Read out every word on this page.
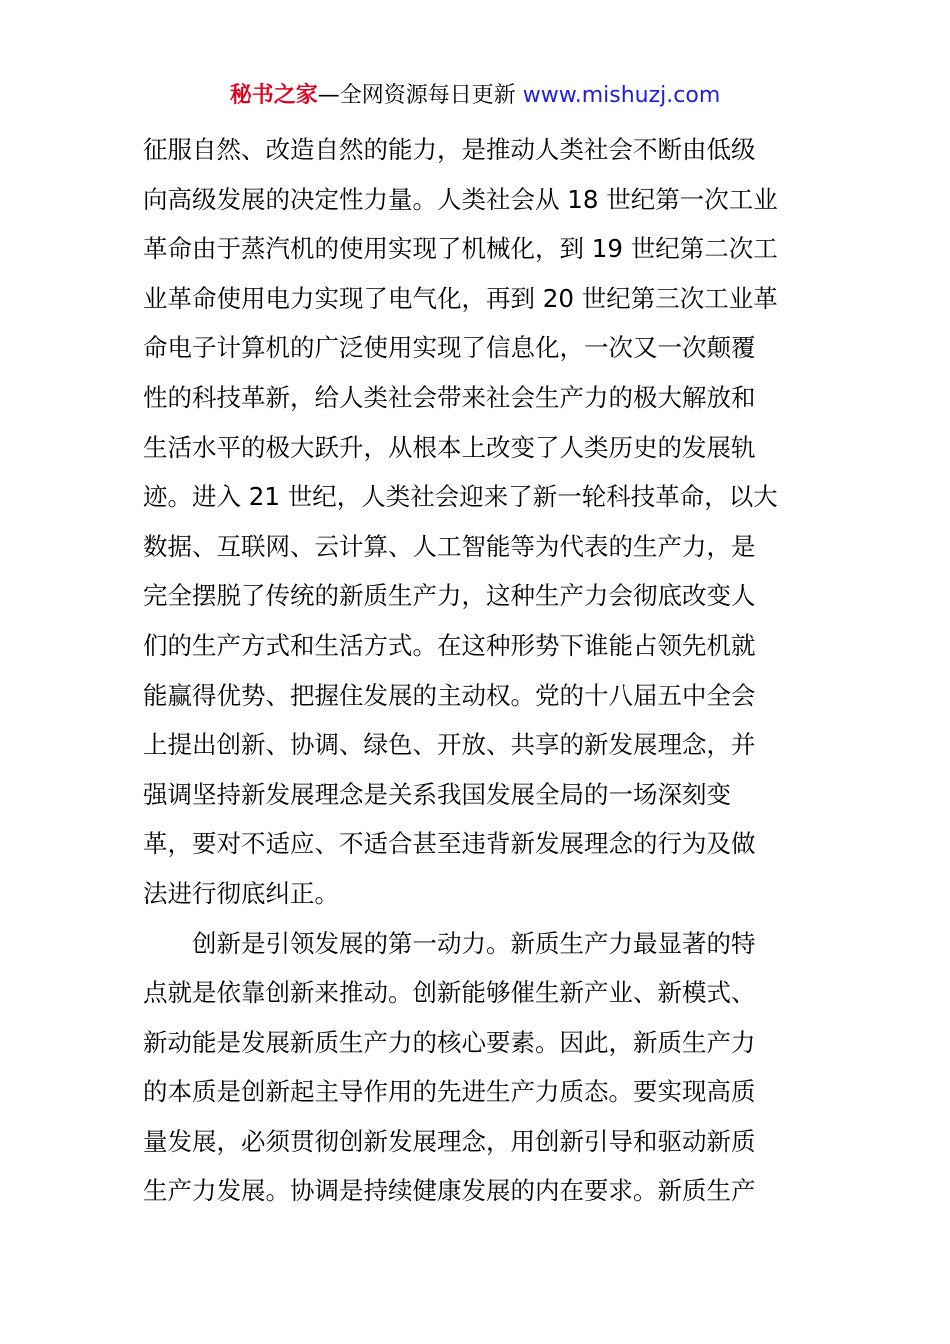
秘书之家—全网资源每日更新 www.mishuzj.com
征服自然、改造自然的能力，是推动人类社会不断由低级
向高级发展的决定性力量。人类社会从 18 世纪第一次工业
革命由于蒸汽机的使用实现了机械化，到 19 世纪第二次工
业革命使用电力实现了电气化，再到 20 世纪第三次工业革
命电子计算机的广泛使用实现了信息化，一次又一次颠覆
性的科技革新，给人类社会带来社会生产力的极大解放和
生活水平的极大跃升，从根本上改变了人类历史的发展轨
迹。进入 21 世纪，人类社会迎来了新一轮科技革命，以大
数据、互联网、云计算、人工智能等为代表的生产力，是
完全摆脱了传统的新质生产力，这种生产力会彻底改变人
们的生产方式和生活方式。在这种形势下谁能占领先机就
能赢得优势、把握住发展的主动权。党的十八届五中全会
上提出创新、协调、绿色、开放、共享的新发展理念，并
强调坚持新发展理念是关系我国发展全局的一场深刻变
革，要对不适应、不适合甚至违背新发展理念的行为及做
法进行彻底纠正。
创新是引领发展的第一动力。新质生产力最显著的特
点就是依靠创新来推动。创新能够催生新产业、新模式、
新动能是发展新质生产力的核心要素。因此，新质生产力
的本质是创新起主导作用的先进生产力质态。要实现高质
量发展，必须贯彻创新发展理念，用创新引导和驱动新质
生产力发展。协调是持续健康发展的内在要求。新质生产
